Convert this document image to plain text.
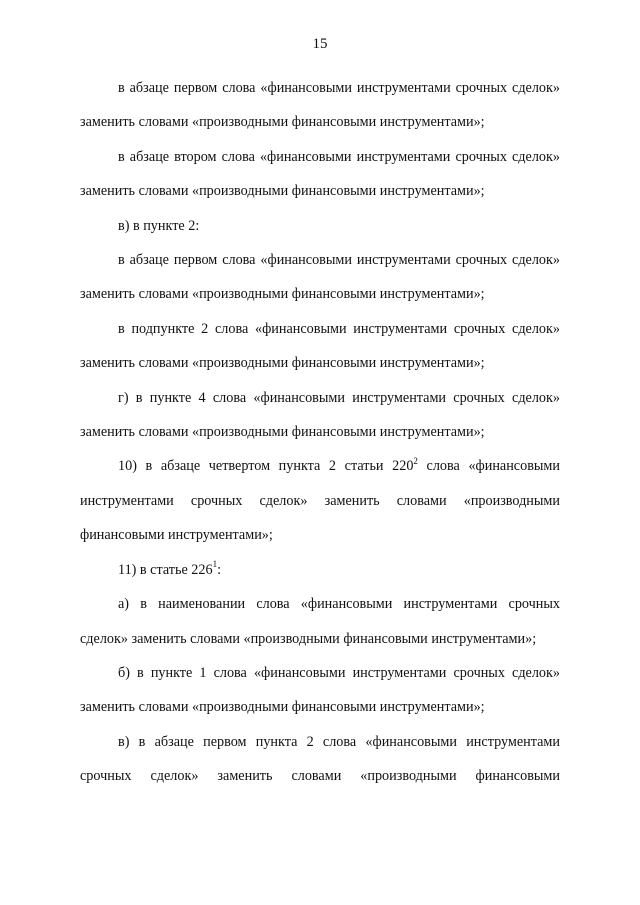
15

в абзаце первом слова «финансовыми инструментами срочных сделок» заменить словами «производными финансовыми инструментами»;

в абзаце втором слова «финансовыми инструментами срочных сделок» заменить словами «производными финансовыми инструментами»;

в) в пункте 2:

в абзаце первом слова «финансовыми инструментами срочных сделок» заменить словами «производными финансовыми инструментами»;

в подпункте 2 слова «финансовыми инструментами срочных сделок» заменить словами «производными финансовыми инструментами»;

г) в пункте 4 слова «финансовыми инструментами срочных сделок» заменить словами «производными финансовыми инструментами»;

10) в абзаце четвертом пункта 2 статьи $220^2$ слова «финансовыми инструментами срочных сделок» заменить словами «производными финансовыми инструментами»;

11) в статье $226^1$:

а) в наименовании слова «финансовыми инструментами срочных сделок» заменить словами «производными финансовыми инструментами»;

б) в пункте 1 слова «финансовыми инструментами срочных сделок» заменить словами «производными финансовыми инструментами»;

в) в абзаце первом пункта 2 слова «финансовыми инструментами срочных сделок» заменить словами «производными финансовыми
